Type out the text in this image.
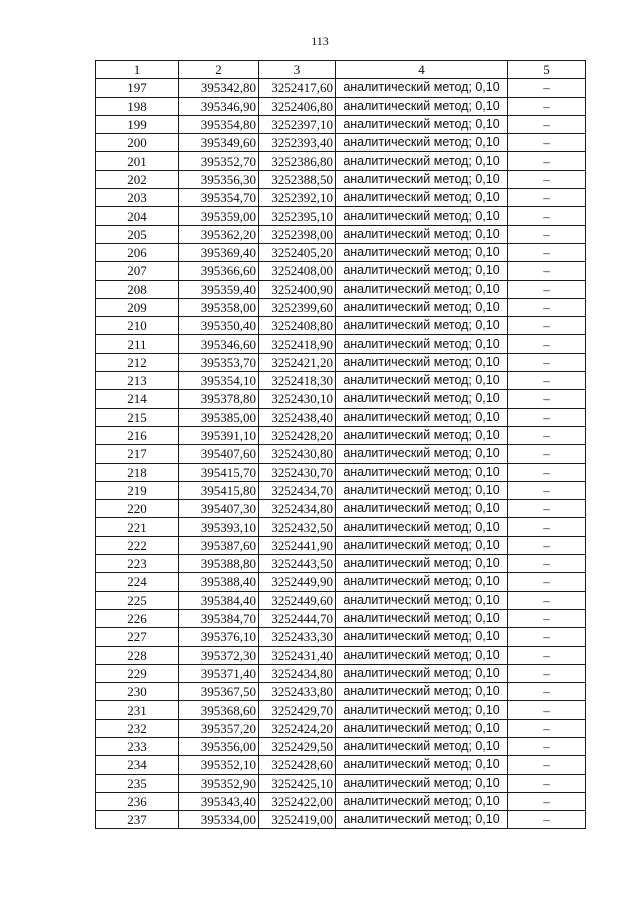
113
1	2	3	4	5
197	395342,80	3252417,60	аналитический метод; 0,10	–
198	395346,90	3252406,80	аналитический метод; 0,10	–
199	395354,80	3252397,10	аналитический метод; 0,10	–
200	395349,60	3252393,40	аналитический метод; 0,10	–
201	395352,70	3252386,80	аналитический метод; 0,10	–
202	395356,30	3252388,50	аналитический метод; 0,10	–
203	395354,70	3252392,10	аналитический метод; 0,10	–
204	395359,00	3252395,10	аналитический метод; 0,10	–
205	395362,20	3252398,00	аналитический метод; 0,10	–
206	395369,40	3252405,20	аналитический метод; 0,10	–
207	395366,60	3252408,00	аналитический метод; 0,10	–
208	395359,40	3252400,90	аналитический метод; 0,10	–
209	395358,00	3252399,60	аналитический метод; 0,10	–
210	395350,40	3252408,80	аналитический метод; 0,10	–
211	395346,60	3252418,90	аналитический метод; 0,10	–
212	395353,70	3252421,20	аналитический метод; 0,10	–
213	395354,10	3252418,30	аналитический метод; 0,10	–
214	395378,80	3252430,10	аналитический метод; 0,10	–
215	395385,00	3252438,40	аналитический метод; 0,10	–
216	395391,10	3252428,20	аналитический метод; 0,10	–
217	395407,60	3252430,80	аналитический метод; 0,10	–
218	395415,70	3252430,70	аналитический метод; 0,10	–
219	395415,80	3252434,70	аналитический метод; 0,10	–
220	395407,30	3252434,80	аналитический метод; 0,10	–
221	395393,10	3252432,50	аналитический метод; 0,10	–
222	395387,60	3252441,90	аналитический метод; 0,10	–
223	395388,80	3252443,50	аналитический метод; 0,10	–
224	395388,40	3252449,90	аналитический метод; 0,10	–
225	395384,40	3252449,60	аналитический метод; 0,10	–
226	395384,70	3252444,70	аналитический метод; 0,10	–
227	395376,10	3252433,30	аналитический метод; 0,10	–
228	395372,30	3252431,40	аналитический метод; 0,10	–
229	395371,40	3252434,80	аналитический метод; 0,10	–
230	395367,50	3252433,80	аналитический метод; 0,10	–
231	395368,60	3252429,70	аналитический метод; 0,10	–
232	395357,20	3252424,20	аналитический метод; 0,10	–
233	395356,00	3252429,50	аналитический метод; 0,10	–
234	395352,10	3252428,60	аналитический метод; 0,10	–
235	395352,90	3252425,10	аналитический метод; 0,10	–
236	395343,40	3252422,00	аналитический метод; 0,10	–
237	395334,00	3252419,00	аналитический метод; 0,10	–
